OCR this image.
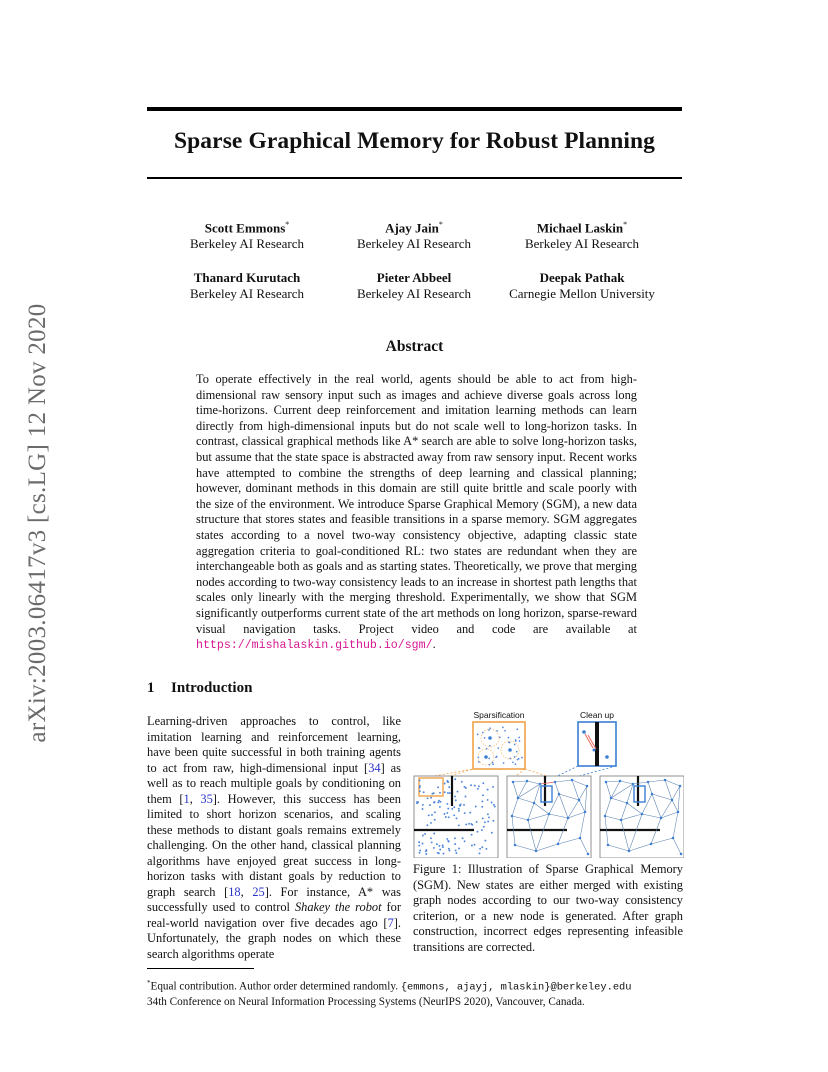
arXiv:2003.06417v3 [cs.LG] 12 Nov 2020
Sparse Graphical Memory for Robust Planning
Scott Emmons*
Berkeley AI Research
Ajay Jain*
Berkeley AI Research
Michael Laskin*
Berkeley AI Research
Thanard Kurutach
Berkeley AI Research
Pieter Abbeel
Berkeley AI Research
Deepak Pathak
Carnegie Mellon University
Abstract
To operate effectively in the real world, agents should be able to act from high-dimensional raw sensory input such as images and achieve diverse goals across long time-horizons. Current deep reinforcement and imitation learning methods can learn directly from high-dimensional inputs but do not scale well to long-horizon tasks. In contrast, classical graphical methods like A* search are able to solve long-horizon tasks, but assume that the state space is abstracted away from raw sensory input. Recent works have attempted to combine the strengths of deep learning and classical planning; however, dominant methods in this domain are still quite brittle and scale poorly with the size of the environment. We introduce Sparse Graphical Memory (SGM), a new data structure that stores states and feasible transitions in a sparse memory. SGM aggregates states according to a novel two-way consistency objective, adapting classic state aggregation criteria to goal-conditioned RL: two states are redundant when they are interchangeable both as goals and as starting states. Theoretically, we prove that merging nodes according to two-way consistency leads to an increase in shortest path lengths that scales only linearly with the merging threshold. Experimentally, we show that SGM significantly outperforms current state of the art methods on long horizon, sparse-reward visual navigation tasks. Project video and code are available at https://mishalaskin.github.io/sgm/.
1 Introduction
Learning-driven approaches to control, like imitation learning and reinforcement learning, have been quite successful in both training agents to act from raw, high-dimensional input [34] as well as to reach multiple goals by conditioning on them [1, 35]. However, this success has been limited to short horizon scenarios, and scaling these methods to distant goals remains extremely challenging. On the other hand, classical planning algorithms have enjoyed great success in long-horizon tasks with distant goals by reduction to graph search [18, 25]. For instance, A* was successfully used to control Shakey the robot for real-world navigation over five decades ago [7]. Unfortunately, the graph nodes on which these search algorithms operate
Sparsification	Clean up
Figure 1: Illustration of Sparse Graphical Memory (SGM). New states are either merged with existing graph nodes according to our two-way consistency criterion, or a new node is generated. After graph construction, incorrect edges representing infeasible transitions are corrected.
*Equal contribution. Author order determined randomly. {emmons, ajayj, mlaskin}@berkeley.edu
34th Conference on Neural Information Processing Systems (NeurIPS 2020), Vancouver, Canada.
